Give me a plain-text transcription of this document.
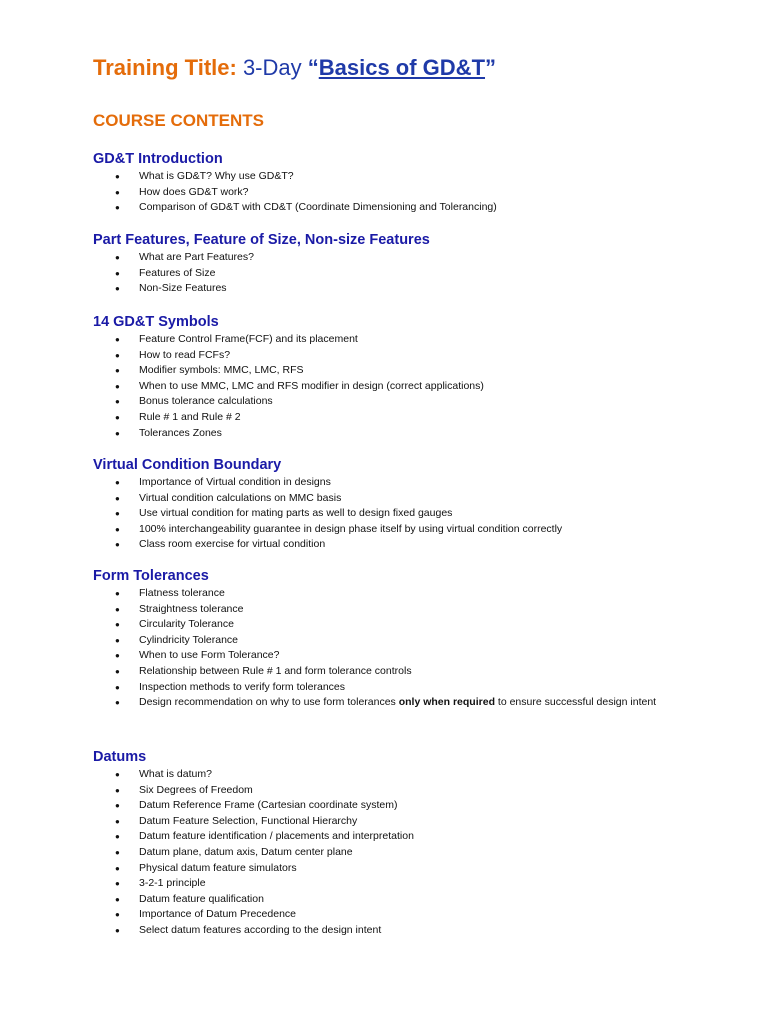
Training Title: 3-Day “Basics of GD&T”
COURSE CONTENTS
GD&T Introduction
● What is GD&T? Why use GD&T?
● How does GD&T work?
● Comparison of GD&T with CD&T (Coordinate Dimensioning and Tolerancing)
Part Features, Feature of Size, Non-size Features
● What are Part Features?
● Features of Size
● Non-Size Features
14 GD&T Symbols
● Feature Control Frame(FCF) and its placement
● How to read FCFs?
● Modifier symbols: MMC, LMC, RFS
● When to use MMC, LMC and RFS modifier in design (correct applications)
● Bonus tolerance calculations
● Rule # 1 and Rule # 2
● Tolerances Zones
Virtual Condition Boundary
● Importance of Virtual condition in designs
● Virtual condition calculations on MMC basis
● Use virtual condition for mating parts as well to design fixed gauges
● 100% interchangeability guarantee in design phase itself by using virtual condition correctly
● Class room exercise for virtual condition
Form Tolerances
● Flatness tolerance
● Straightness tolerance
● Circularity Tolerance
● Cylindricity Tolerance
● When to use Form Tolerance?
● Relationship between Rule # 1 and form tolerance controls
● Inspection methods to verify form tolerances
● Design recommendation on why to use form tolerances only when required to ensure successful design intent
Datums
● What is datum?
● Six Degrees of Freedom
● Datum Reference Frame (Cartesian coordinate system)
● Datum Feature Selection, Functional Hierarchy
● Datum feature identification / placements and interpretation
● Datum plane, datum axis, Datum center plane
● Physical datum feature simulators
● 3-2-1 principle
● Datum feature qualification
● Importance of Datum Precedence
● Select datum features according to the design intent
